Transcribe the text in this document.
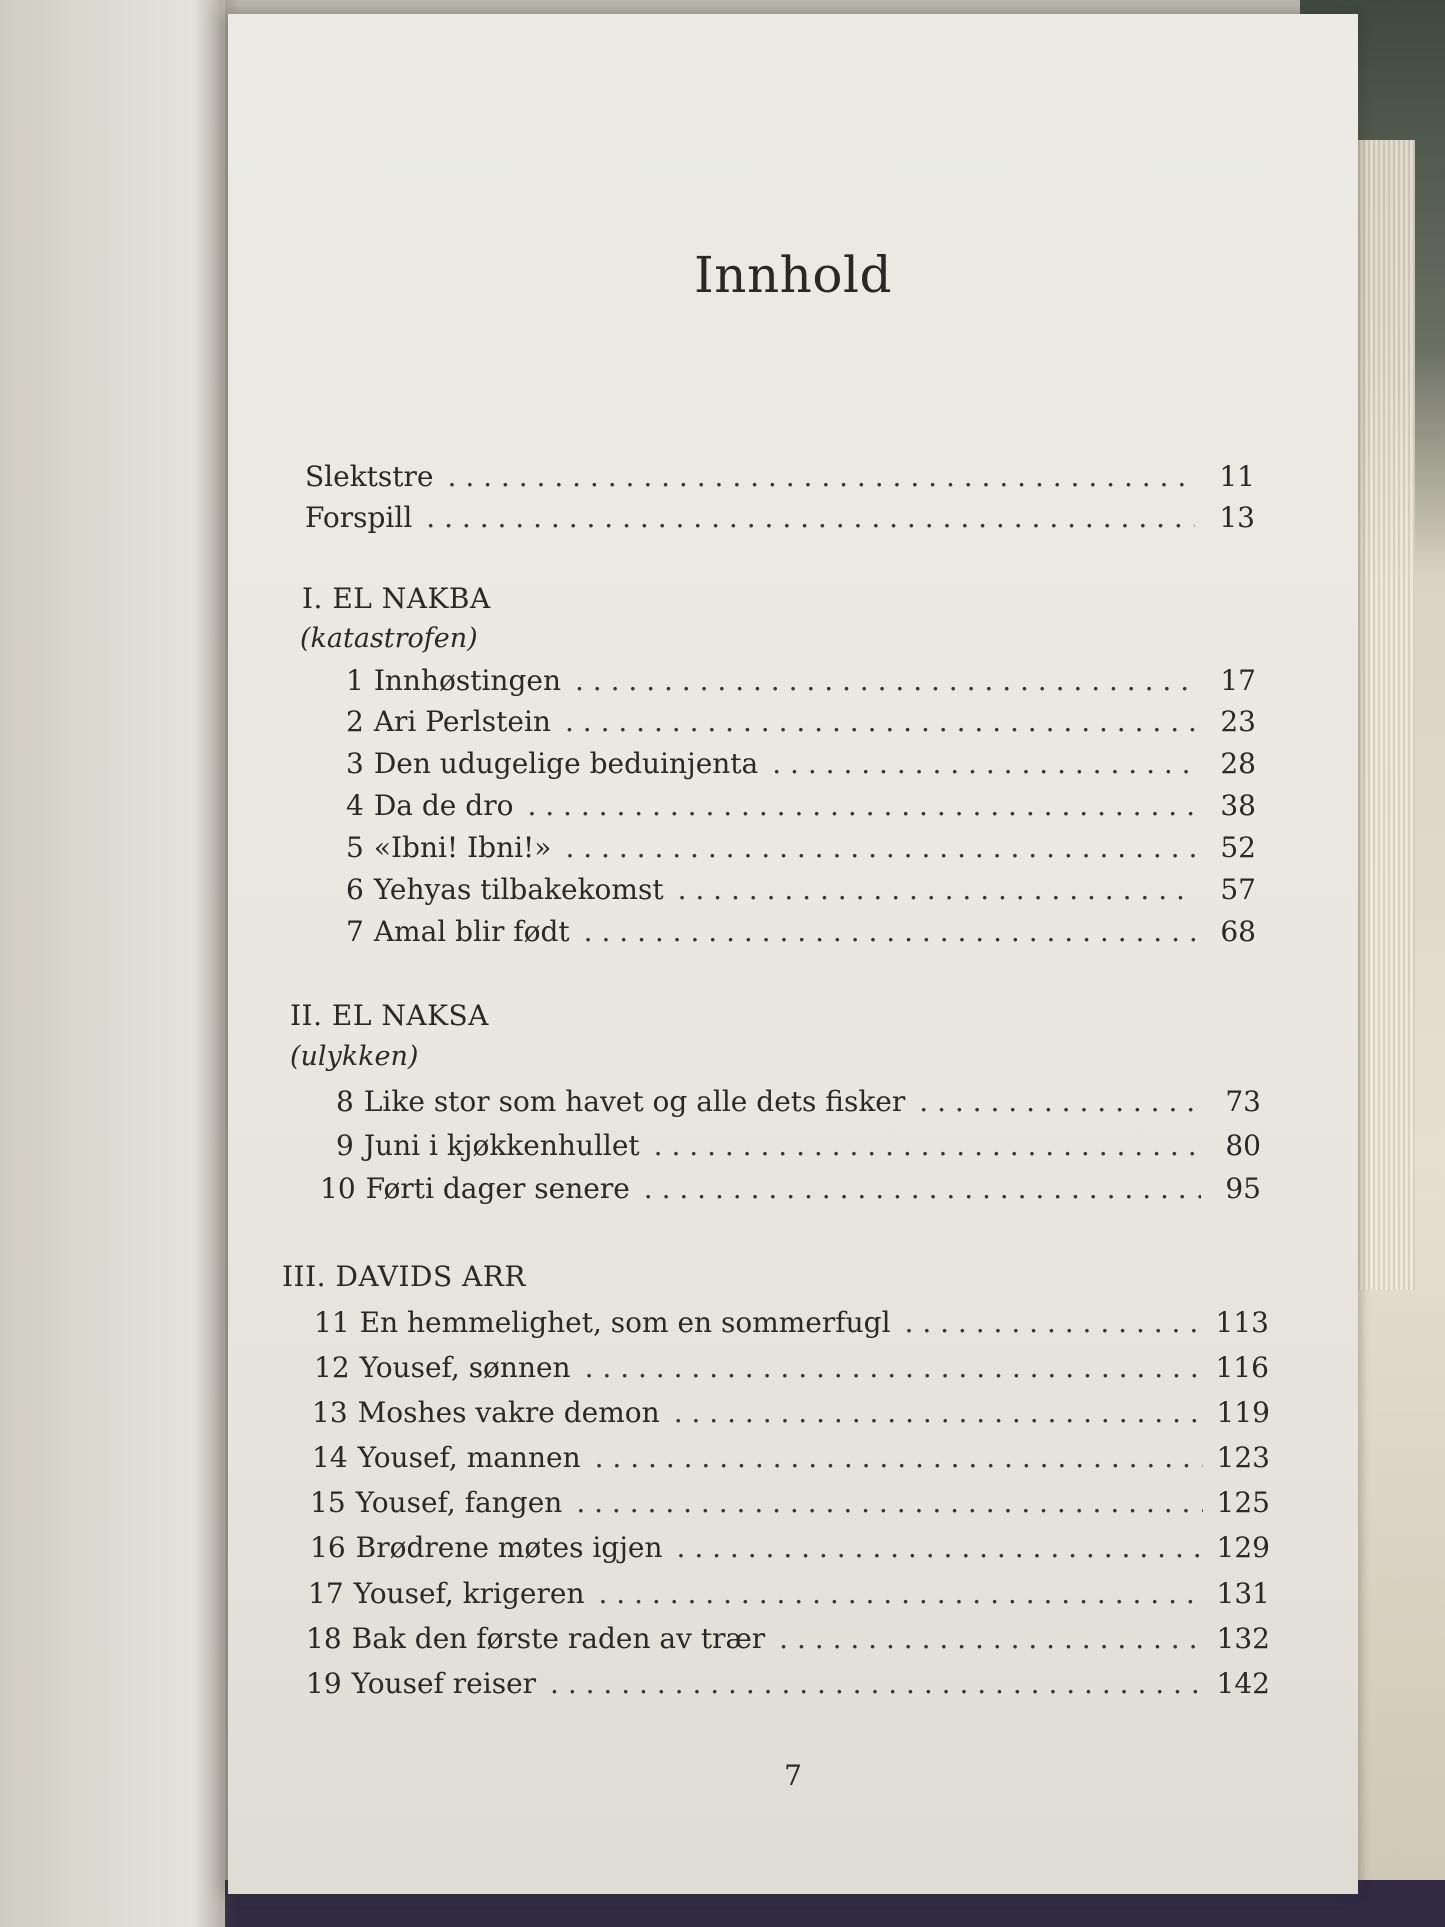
Innhold
Slektstre . . .	11
Forspill . . .	13
I. EL NAKBA
(katastrofen)
1 Innhøstingen . . .	17
2 Ari Perlstein . . .	23
3 Den udugelige beduinjenta . . .	28
4 Da de dro . . .	38
5 «Ibni! Ibni!» . . .	52
6 Yehyas tilbakekomst . . .	57
7 Amal blir født . . .	68
II. EL NAKSA
(ulykken)
8 Like stor som havet og alle dets fisker . . .	73
9 Juni i kjøkkenhullet . . .	80
10 Førti dager senere . . .	95
III. DAVIDS ARR
11 En hemmelighet, som en sommerfugl . . .	113
12 Yousef, sønnen . . .	116
13 Moshes vakre demon . . .	119
14 Yousef, mannen . . .	123
15 Yousef, fangen . . .	125
16 Brødrene møtes igjen . . .	129
17 Yousef, krigeren . . .	131
18 Bak den første raden av trær . . .	132
19 Yousef reiser . . .	142
7
